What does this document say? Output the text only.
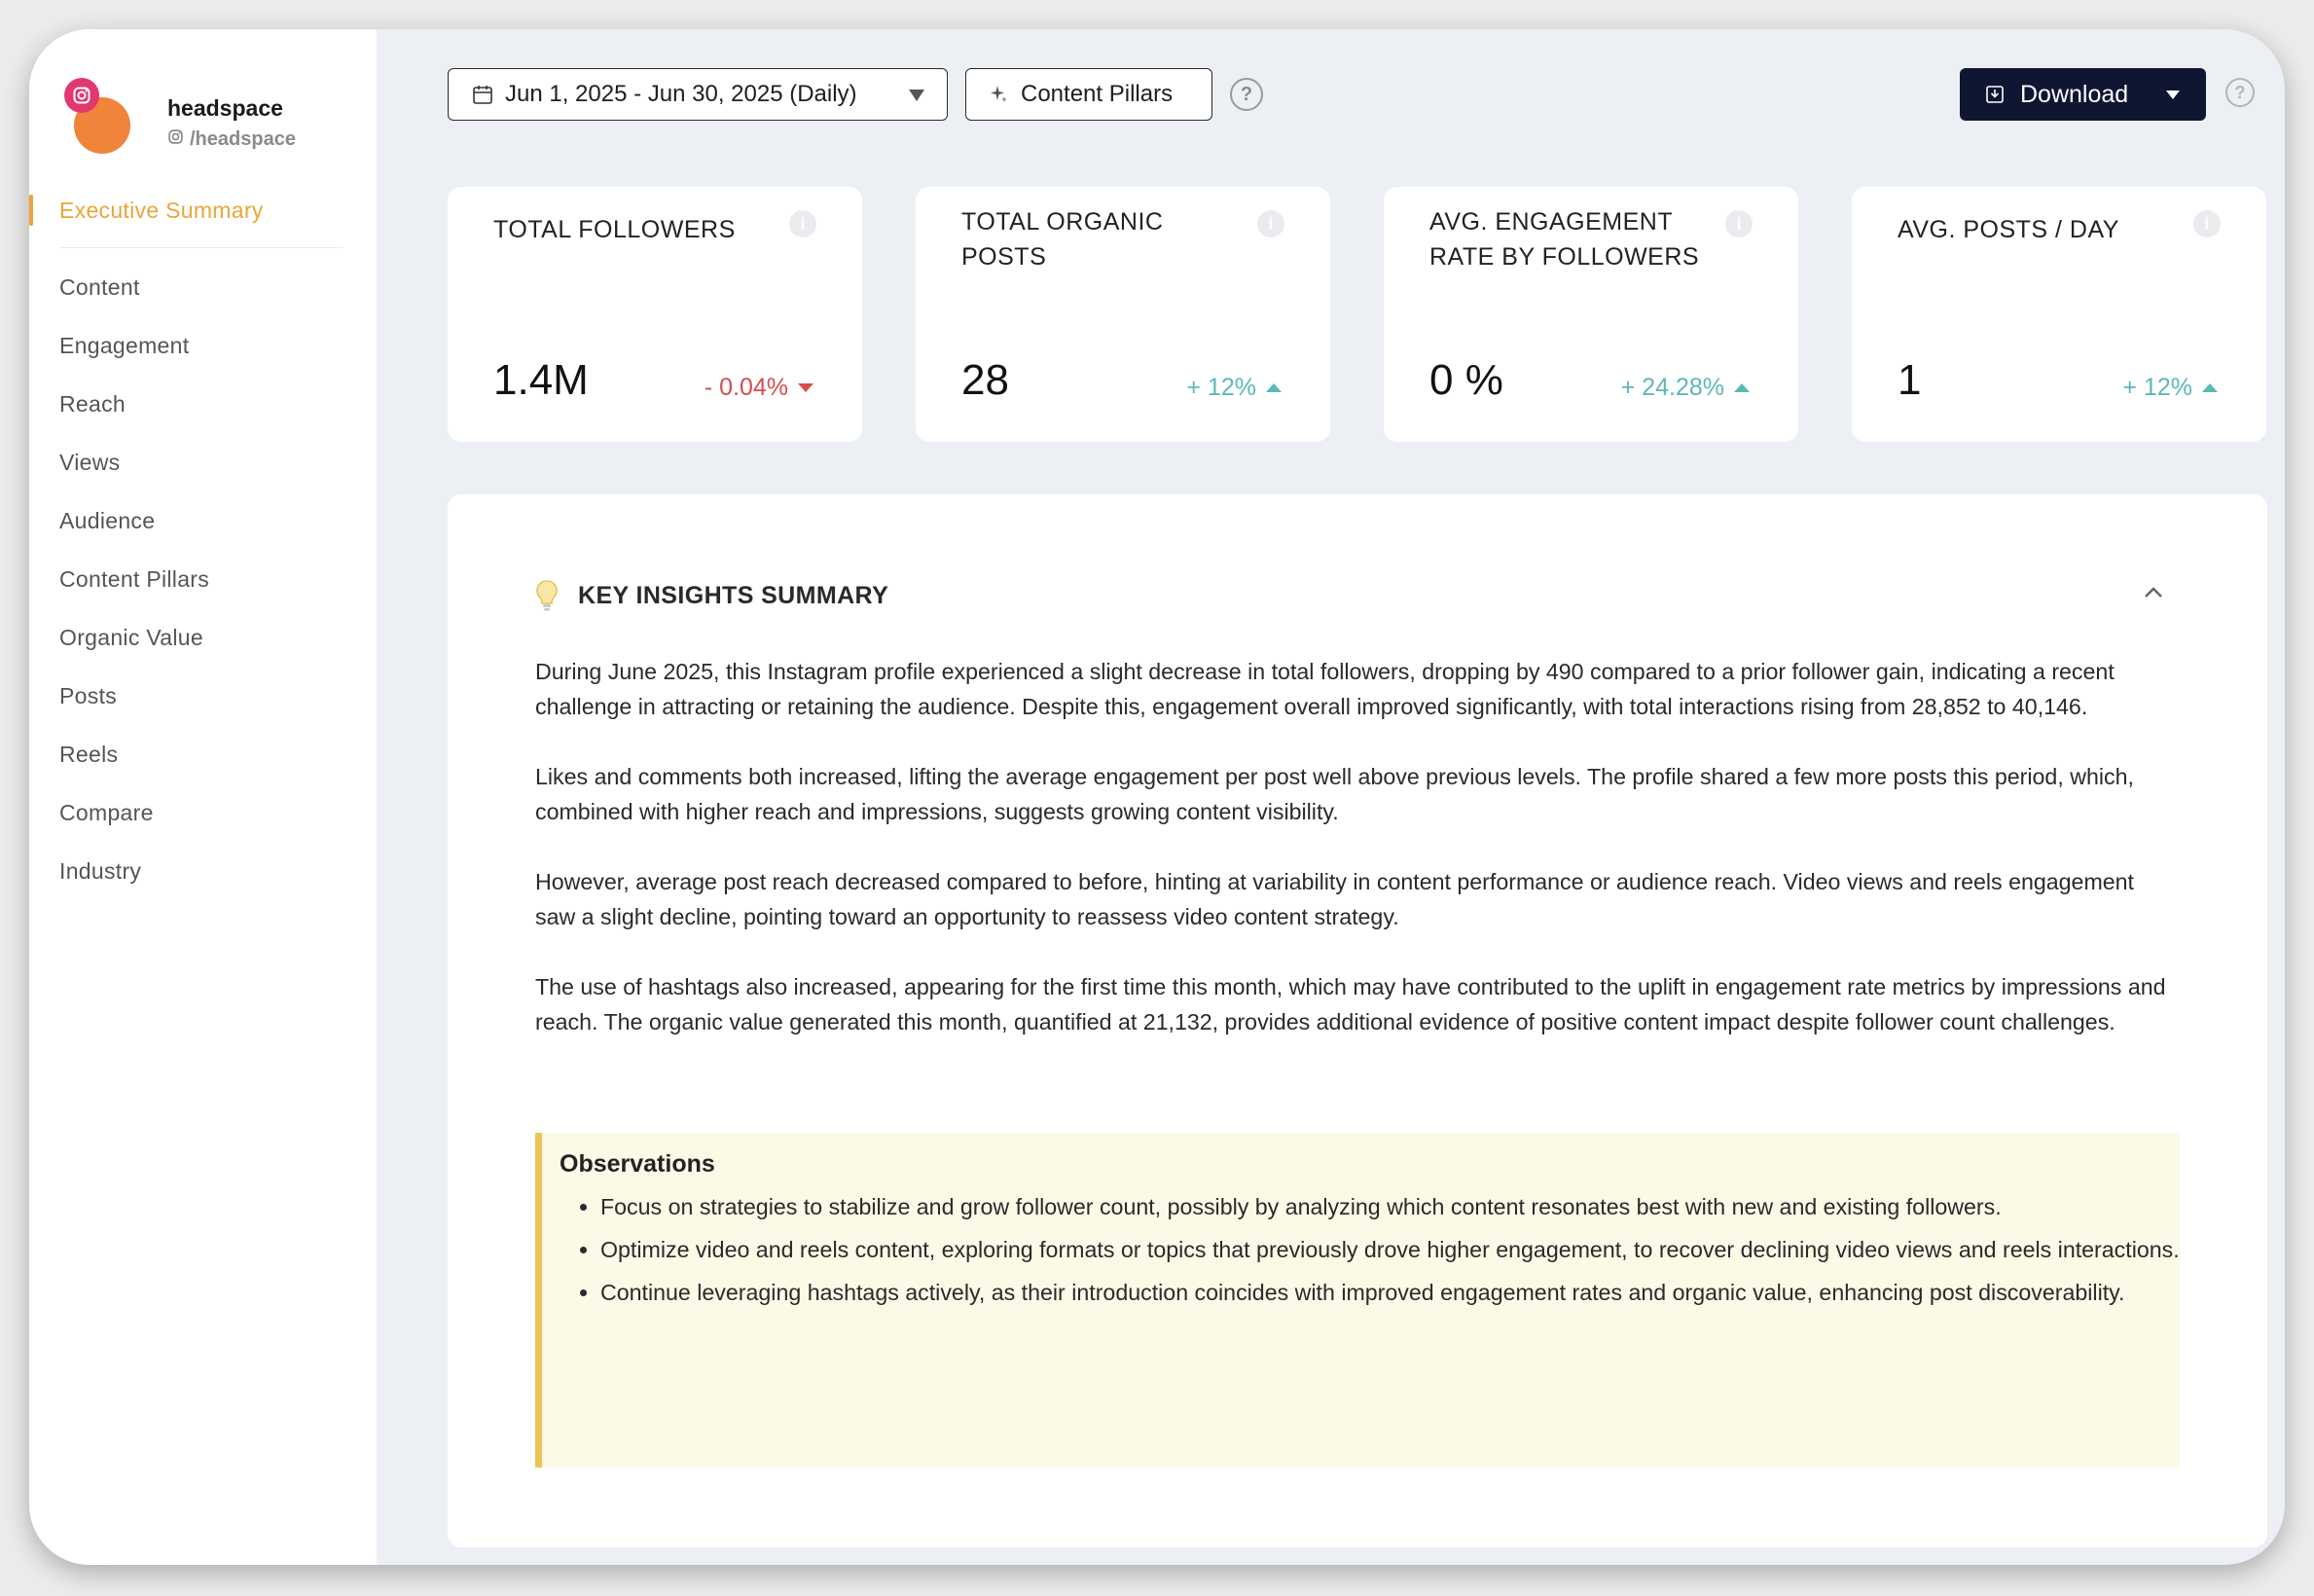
headspace
/headspace
Executive Summary
Content
Engagement
Reach
Views
Audience
Content Pillars
Organic Value
Posts
Reels
Compare
Industry
Jun 1, 2025 - Jun 30, 2025 (Daily)	Content Pillars	?	Download	?
TOTAL FOLLOWERS	i
1.4M	- 0.04%
TOTAL ORGANIC POSTS
i
28	+ 12%
AVG. ENGAGEMENT RATE BY FOLLOWERS
i
0 %	+ 24.28%
AVG. POSTS / DAY	i
1	+ 12%
KEY INSIGHTS SUMMARY

During June 2025, this Instagram profile experienced a slight decrease in total followers, dropping by 490 compared to a prior follower gain, indicating a recent challenge in attracting or retaining the audience. Despite this, engagement overall improved significantly, with total interactions rising from 28,852 to 40,146.

Likes and comments both increased, lifting the average engagement per post well above previous levels. The profile shared a few more posts this period, which, combined with higher reach and impressions, suggests growing content visibility.

However, average post reach decreased compared to before, hinting at variability in content performance or audience reach. Video views and reels engagement saw a slight decline, pointing toward an opportunity to reassess video content strategy.

The use of hashtags also increased, appearing for the first time this month, which may have contributed to the uplift in engagement rate metrics by impressions and reach. The organic value generated this month, quantified at 21,132, provides additional evidence of positive content impact despite follower count challenges.

Observations
• Focus on strategies to stabilize and grow follower count, possibly by analyzing which content resonates best with new and existing followers.
• Optimize video and reels content, exploring formats or topics that previously drove higher engagement, to recover declining video views and reels interactions.
• Continue leveraging hashtags actively, as their introduction coincides with improved engagement rates and organic value, enhancing post discoverability.
